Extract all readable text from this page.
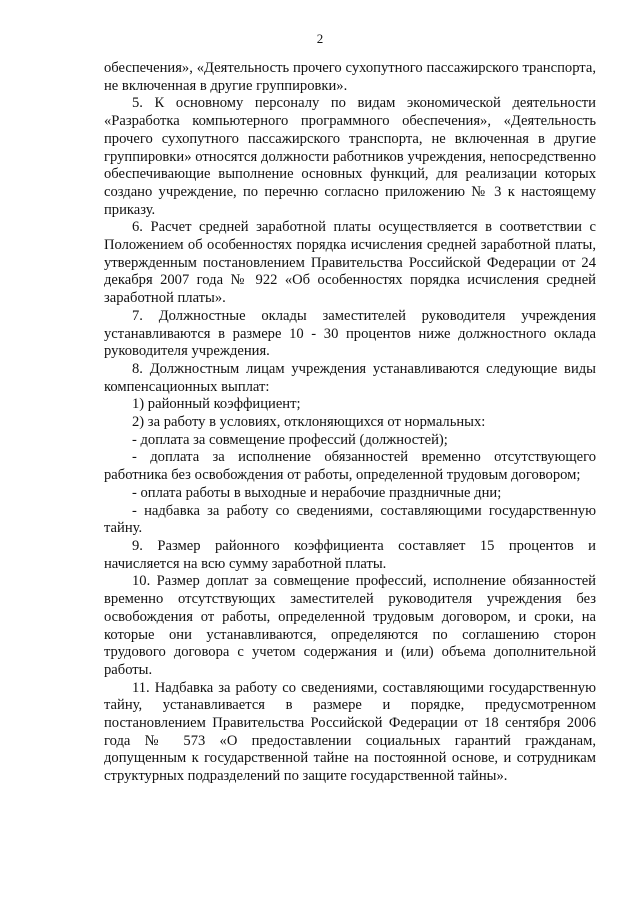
2

обеспечения», «Деятельность прочего сухопутного пассажирского транспорта, не включенная в другие группировки».

5. К основному персоналу по видам экономической деятельности «Разработка компьютерного программного обеспечения», «Деятельность прочего сухопутного пассажирского транспорта, не включенная в другие группировки» относятся должности работников учреждения, непосредственно обеспечивающие выполнение основных функций, для реализации которых создано учреждение, по перечню согласно приложению № 3 к настоящему приказу.

6. Расчет средней заработной платы осуществляется в соответствии с Положением об особенностях порядка исчисления средней заработной платы, утвержденным постановлением Правительства Российской Федерации от 24 декабря 2007 года № 922 «Об особенностях порядка исчисления средней заработной платы».

7. Должностные оклады заместителей руководителя учреждения устанавливаются в размере 10 - 30 процентов ниже должностного оклада руководителя учреждения.

8. Должностным лицам учреждения устанавливаются следующие виды компенсационных выплат:

1) районный коэффициент;

2) за работу в условиях, отклоняющихся от нормальных:

- доплата за совмещение профессий (должностей);

- доплата за исполнение обязанностей временно отсутствующего работника без освобождения от работы, определенной трудовым договором;

- оплата работы в выходные и нерабочие праздничные дни;

- надбавка за работу со сведениями, составляющими государственную тайну.

9. Размер районного коэффициента составляет 15 процентов и начисляется на всю сумму заработной платы.

10. Размер доплат за совмещение профессий, исполнение обязанностей временно отсутствующих заместителей руководителя учреждения без освобождения от работы, определенной трудовым договором, и сроки, на которые они устанавливаются, определяются по соглашению сторон трудового договора с учетом содержания и (или) объема дополнительной работы.

11. Надбавка за работу со сведениями, составляющими государственную тайну, устанавливается в размере и порядке, предусмотренном постановлением Правительства Российской Федерации от 18 сентября 2006 года № 573 «О предоставлении социальных гарантий гражданам, допущенным к государственной тайне на постоянной основе, и сотрудникам структурных подразделений по защите государственной тайны».
